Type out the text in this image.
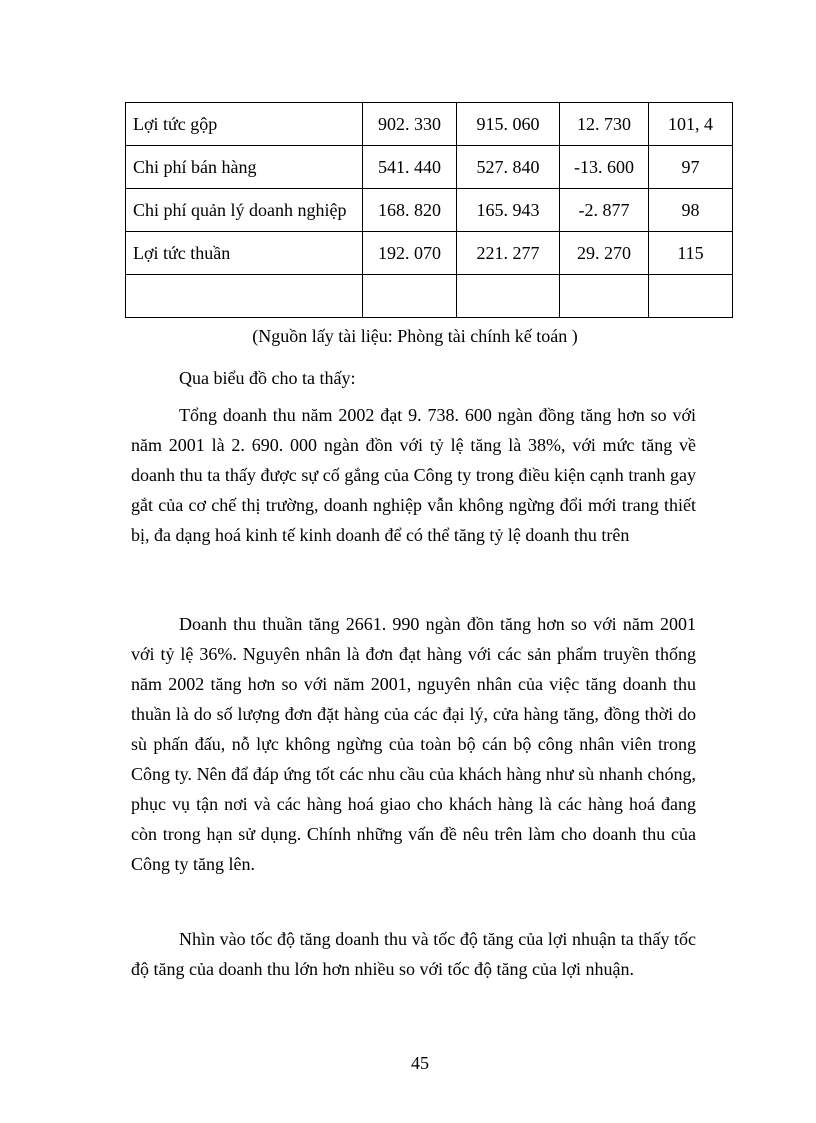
Lợi tức gộp	902. 330	915. 060	12. 730	101, 4
Chi phí bán hàng	541. 440	527. 840	-13. 600	97
Chi phí quản lý doanh nghiệp	168. 820	165. 943	-2. 877	98
Lợi tức thuần	192. 070	221. 277	29. 270	115

(Nguồn lấy tài liệu: Phòng tài chính kế toán )
Qua biểu đồ cho ta thấy:

Tổng doanh thu năm 2002 đạt 9. 738. 600 ngàn đồng tăng hơn so với năm 2001 là 2. 690. 000 ngàn đồn với tỷ lệ tăng là 38%, với mức tăng về doanh thu ta thấy được sự cố gắng của Công ty trong điều kiện cạnh tranh gay gắt của cơ chế thị trường, doanh nghiệp vẫn không ngừng đổi mới trang thiết bị, đa dạng hoá kinh tế kinh doanh để có thể tăng tỷ lệ doanh thu trên

Doanh thu thuần tăng 2661. 990 ngàn đồn tăng hơn so với năm 2001 với tỷ lệ 36%. Nguyên nhân là đơn đạt hàng với các sản phẩm truyền thống năm 2002 tăng hơn so với năm 2001, nguyên nhân của việc tăng doanh thu thuần là do số lượng đơn đặt hàng của các đại lý, cửa hàng tăng, đồng thời do sù phấn đấu, nỗ lực không ngừng của toàn bộ cán bộ công nhân viên trong Công ty. Nên đẩ đáp ứng tốt các nhu cầu của khách hàng như sù nhanh chóng, phục vụ tận nơi và các hàng hoá giao cho khách hàng là các hàng hoá đang còn trong hạn sử dụng. Chính những vấn đề nêu trên làm cho doanh thu của Công ty tăng lên.

Nhìn vào tốc độ tăng doanh thu và tốc độ tăng của lợi nhuận ta thấy tốc độ tăng của doanh thu lớn hơn nhiều so với tốc độ tăng của lợi nhuận.

45
